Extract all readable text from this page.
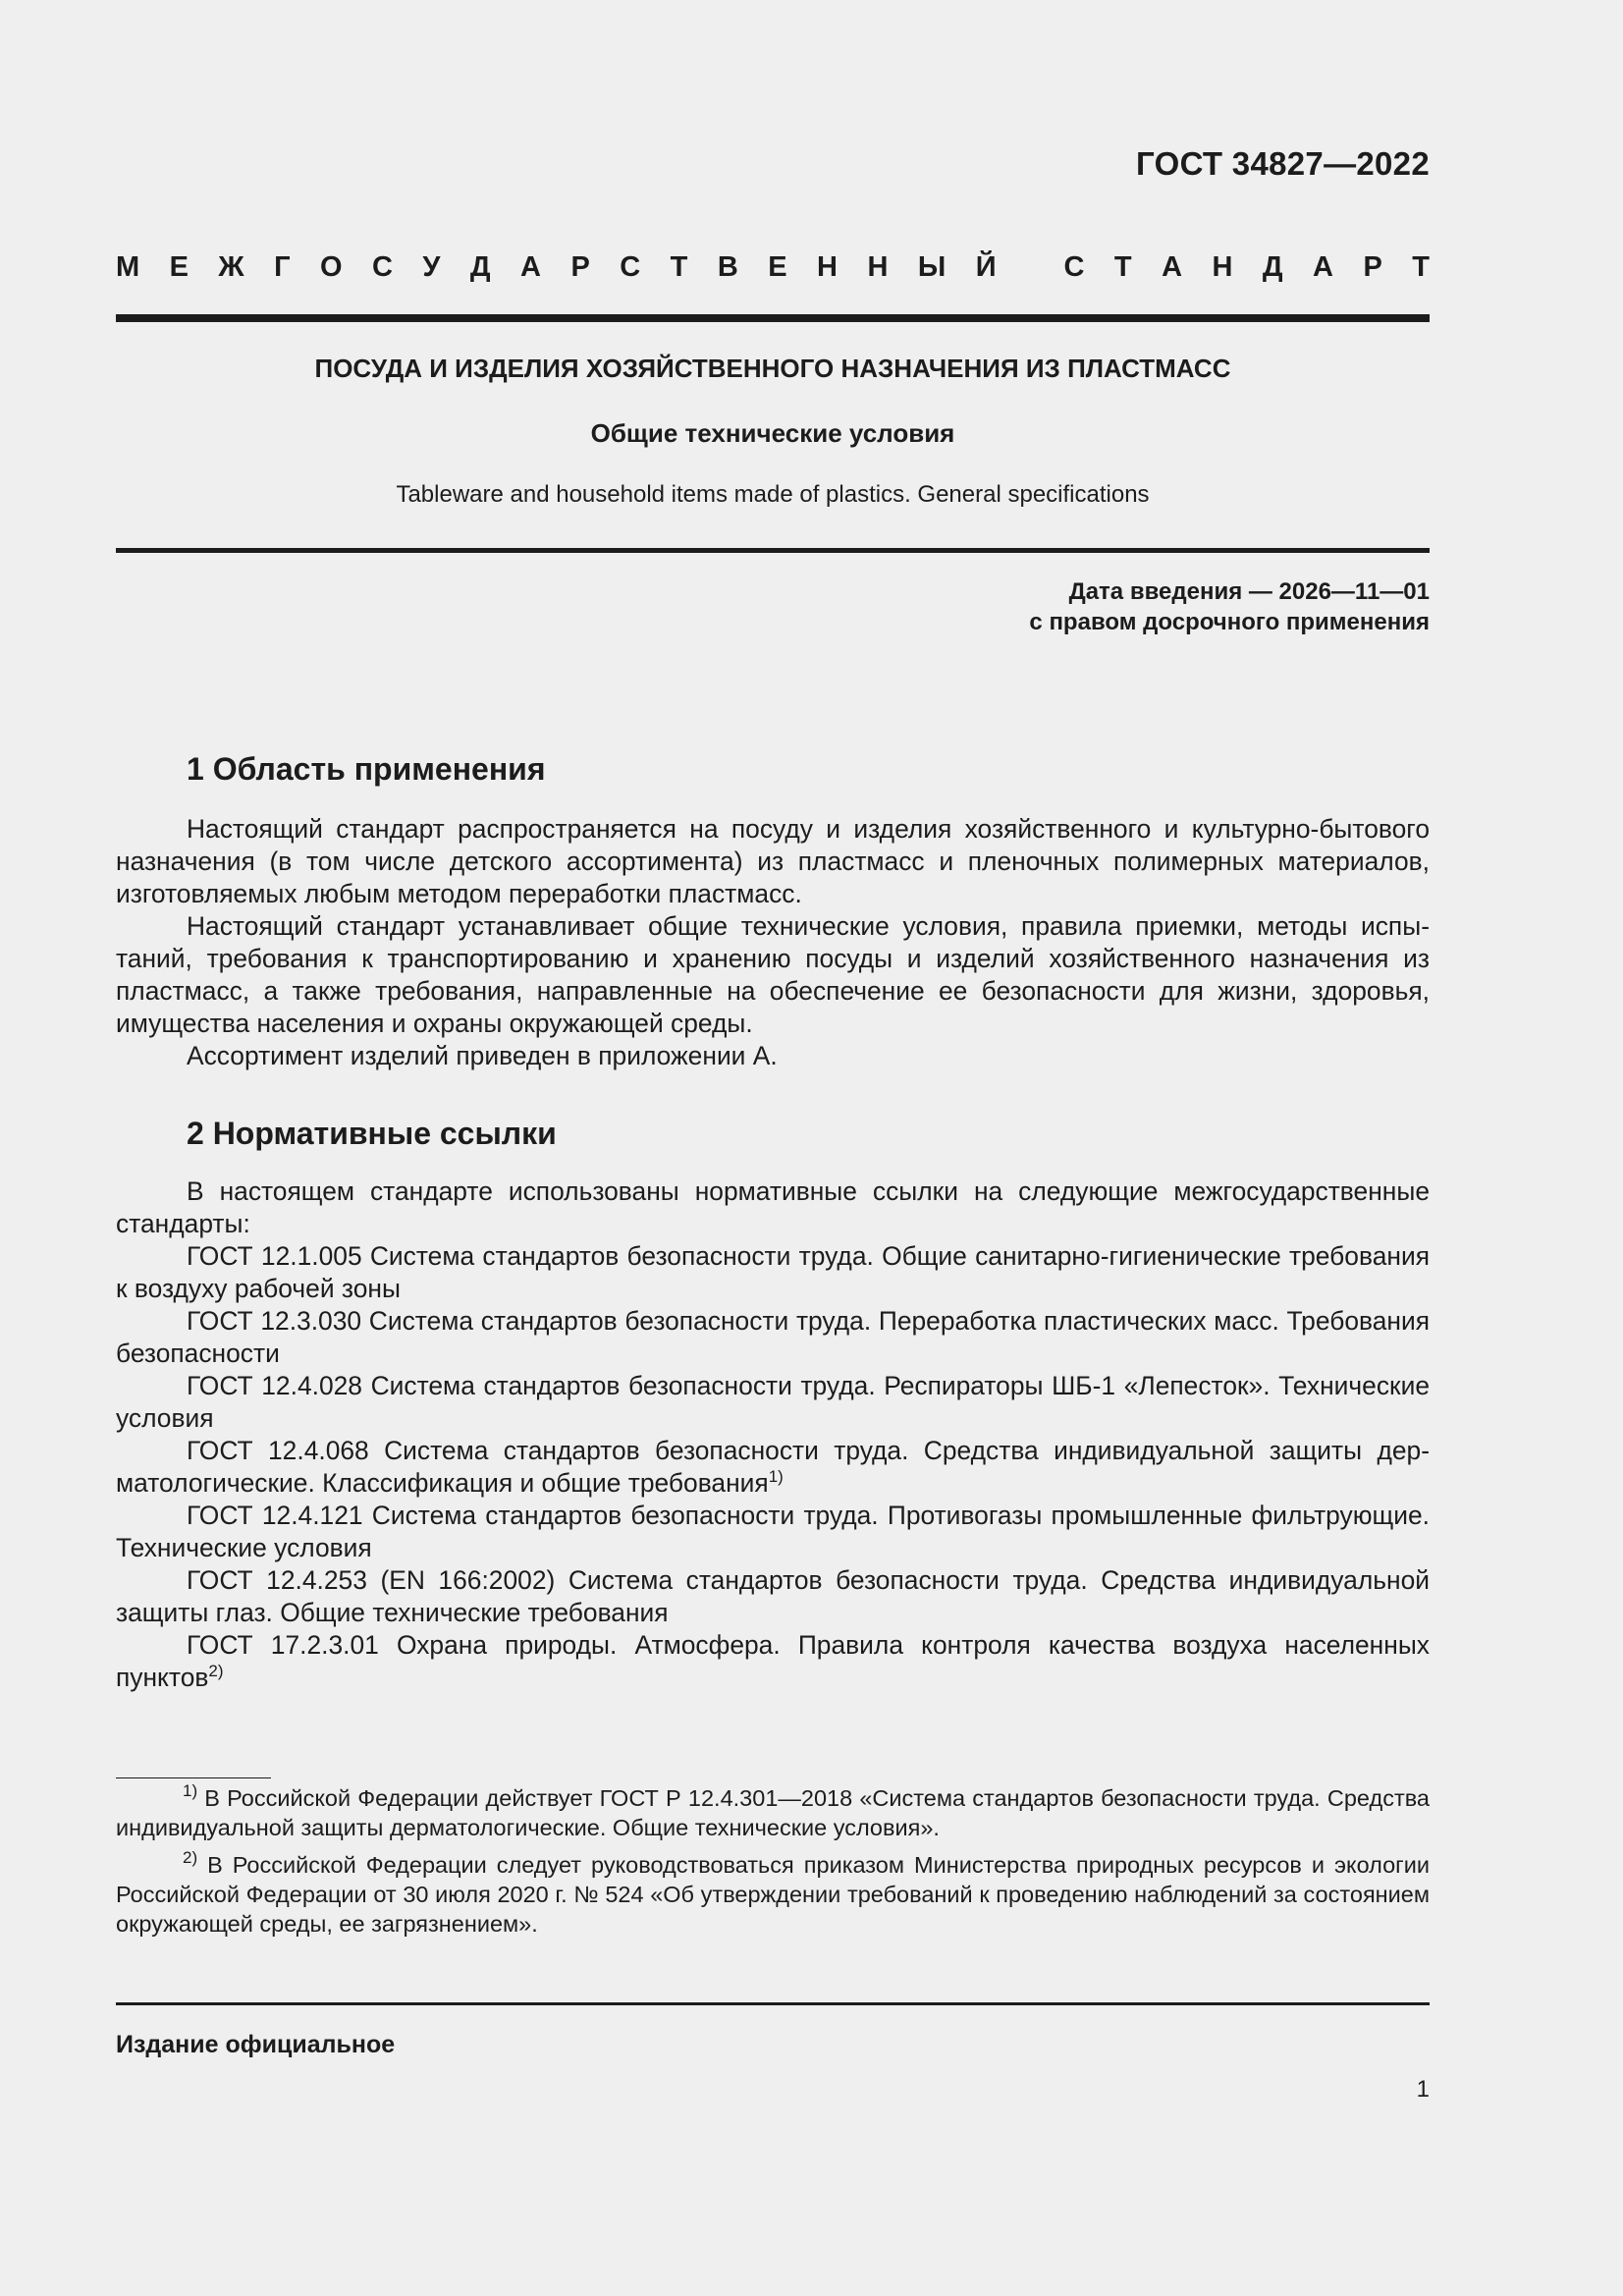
ГОСТ 34827—2022
М Е Ж Г О С У Д А Р С Т В Е Н Н Ы Й
С Т А Н Д А Р Т
ПОСУДА И ИЗДЕЛИЯ ХОЗЯЙСТВЕННОГО НАЗНАЧЕНИЯ ИЗ ПЛАСТМАСС
Общие технические условия
Tableware and household items made of plastics. General specifications
Дата введения — 2026—11—01
с правом досрочного применения
1 Область применения

Настоящий стандарт распространяется на посуду и изделия хозяйственного и культурно-бытового назначения (в том числе детского ассортимента) из пластмасс и пленочных полимерных материалов, изготовляемых любым методом переработки пластмасс.

Настоящий стандарт устанавливает общие технические условия, правила приемки, методы испытаний, требования к транспортированию и хранению посуды и изделий хозяйственного назначения из пластмасс, а также требования, направленные на обеспечение ее безопасности для жизни, здоровья, имущества населения и охраны окружающей среды.

Ассортимент изделий приведен в приложении А.

2 Нормативные ссылки

В настоящем стандарте использованы нормативные ссылки на следующие межгосударственные стандарты:

ГОСТ 12.1.005 Система стандартов безопасности труда. Общие санитарно-гигиенические требования к воздуху рабочей зоны

ГОСТ 12.3.030 Система стандартов безопасности труда. Переработка пластических масс. Требования безопасности

ГОСТ 12.4.028 Система стандартов безопасности труда. Респираторы ШБ-1 «Лепесток». Технические условия

ГОСТ 12.4.068 Система стандартов безопасности труда. Средства индивидуальной защиты дерматологические. Классификация и общие требования$^{1)}$

ГОСТ 12.4.121 Система стандартов безопасности труда. Противогазы промышленные фильтрующие. Технические условия

ГОСТ 12.4.253 (EN 166:2002) Система стандартов безопасности труда. Средства индивидуальной защиты глаз. Общие технические требования

ГОСТ 17.2.3.01 Охрана природы. Атмосфера. Правила контроля качества воздуха населенных пунктов$^{2)}$

$^{1)}$ В Российской Федерации действует ГОСТ Р 12.4.301—2018 «Система стандартов безопасности труда. Средства индивидуальной защиты дерматологические. Общие технические условия».

$^{2)}$ В Российской Федерации следует руководствоваться приказом Министерства природных ресурсов и экологии Российской Федерации от 30 июля 2020 г. № 524 «Об утверждении требований к проведению наблюдений за состоянием окружающей среды, ее загрязнением».

Издание официальное
1
